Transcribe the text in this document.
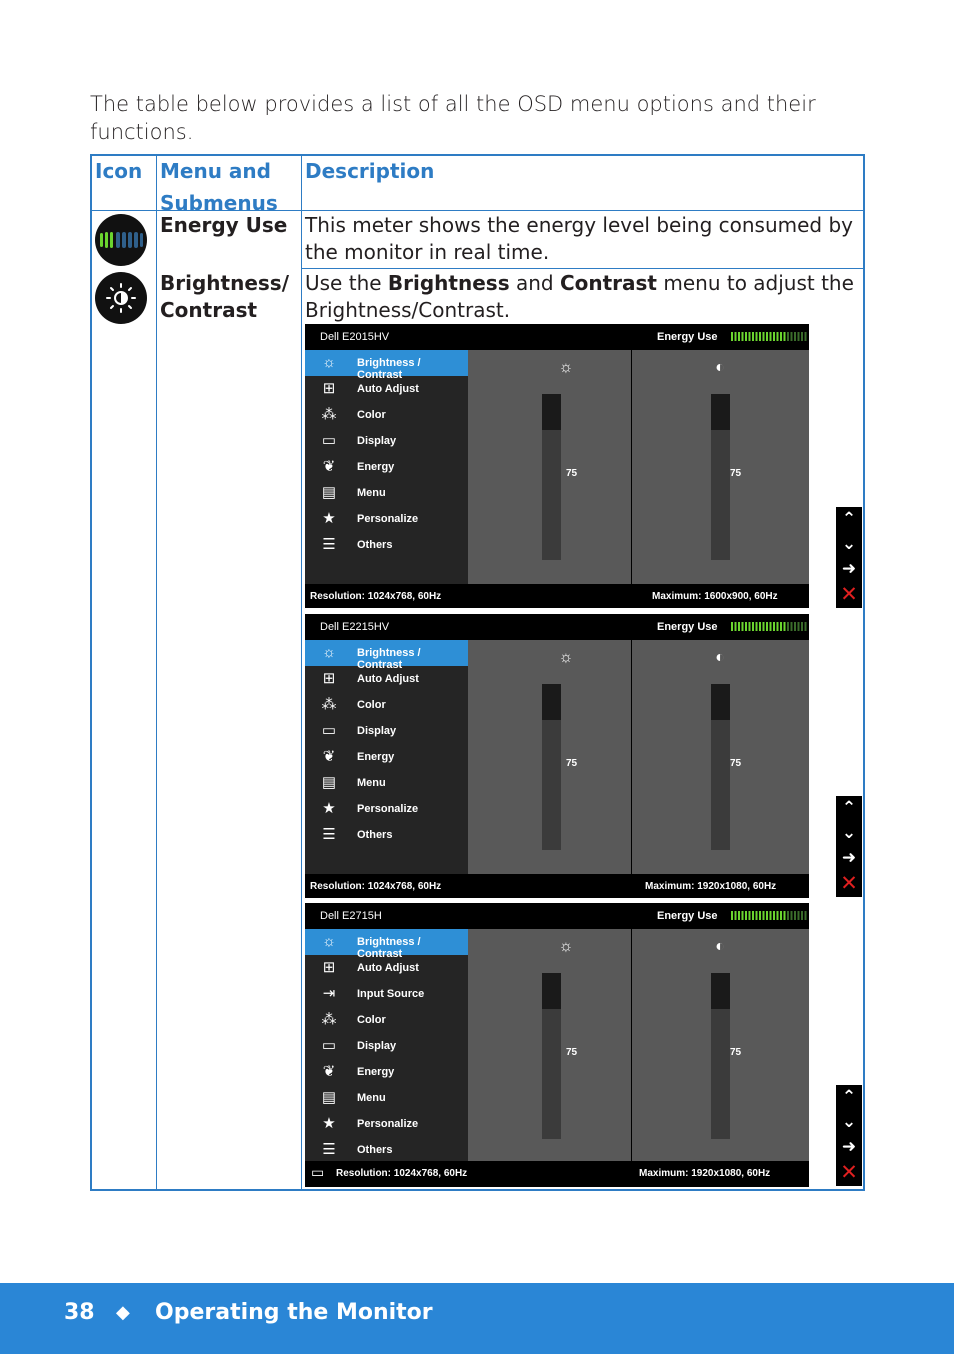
The table below provides a list of all the OSD menu options and their functions.

Icon Menu and Submenus
Description
Energy Use This meter shows the energy level being consumed by the monitor in real time.
Brightness/ Contrast
Use the Brightness and Contrast menu to adjust the Brightness/Contrast.
Dell E2015HV	Energy Use
☼	Brightness / Contrast
⊞	Auto Adjust
⁂	Color
▭	Display
❦	Energy
▤	Menu
★	Personalize
☰	Others
☼
75
◐
75
Resolution: 1024x768, 60Hz	Maximum: 1600x900, 60Hz
⌃
⌄
➜
✕
Dell E2215HV	Energy Use
☼	Brightness / Contrast
⊞	Auto Adjust
⁂	Color
▭	Display
❦	Energy
▤	Menu
★	Personalize
☰	Others
☼
75
◐
75
Resolution: 1024x768, 60Hz	Maximum: 1920x1080, 60Hz
⌃
⌄
➜
✕
Dell E2715H	Energy Use
☼	Brightness / Contrast
⊞	Auto Adjust
⇥	Input Source
⁂	Color
▭	Display
❦	Energy
▤	Menu
★	Personalize
☰	Others
☼
75
◐
75
Resolution: 1024x768, 60Hz	Maximum: 1920x1080, 60Hz
▭
⌃
⌄
➜
✕
38 ◆ Operating the Monitor
